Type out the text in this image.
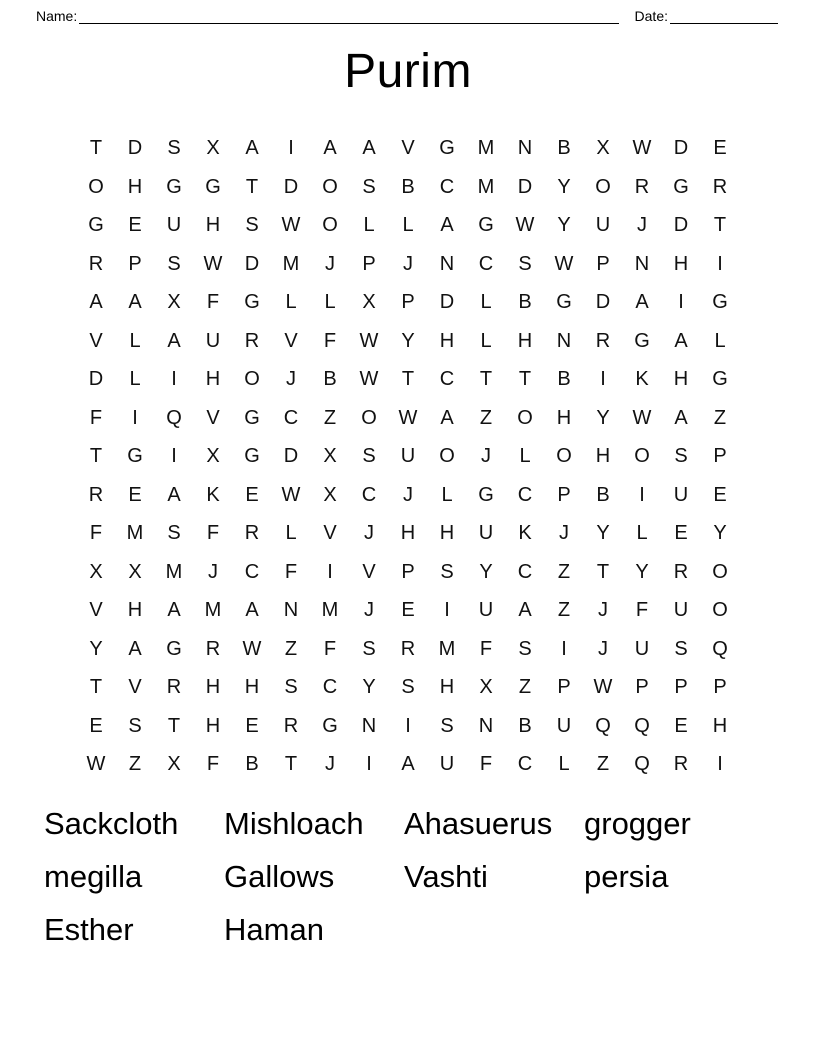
Name:	Date:
Purim
T D S X A I A A V G M N B X W D E
O H G G T D O S B C M D Y O R G R
G E U H S W O L L A G W Y U J D T
R P S W D M J P J N C S W P N H I
A A X F G L L X P D L B G D A I G
V L A U R V F W Y H L H N R G A L
D L I H O J B W T C T T B I K H G
F I Q V G C Z O W A Z O H Y W A Z
T G I X G D X S U O J L O H O S P
R E A K E W X C J L G C P B I U E
F M S F R L V J H H U K J Y L E Y
X X M J C F I V P S Y C Z T Y R O
V H A M A N M J E I U A Z J F U O
Y A G R W Z F S R M F S I J U S Q
T V R H H S C Y S H X Z P W P P P
E S T H E R G N I S N B U Q Q E H
W Z X F B T J I A U F C L Z Q R I
Sackcloth	Mishloach	Ahasuerus	grogger
megilla	Gallows	Vashti	persia
Esther	Haman
